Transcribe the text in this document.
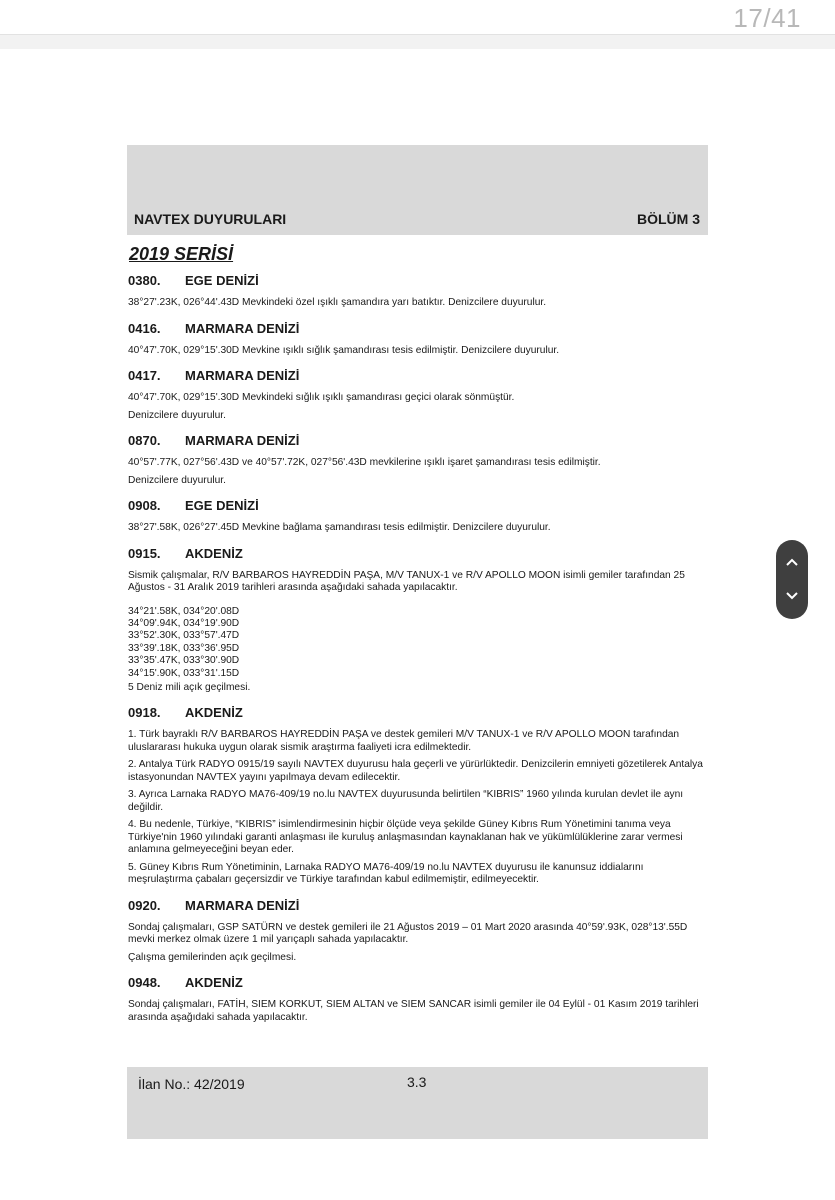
17/41
NAVTEX DUYURULARI	BÖLÜM 3
2019 SERİSİ
0380.	EGE DENİZİ

38°27'.23K, 026°44'.43D Mevkindeki özel ışıklı şamandıra yarı batıktır. Denizcilere duyurulur.

0416.	MARMARA DENİZİ

40°47'.70K, 029°15'.30D Mevkine ışıklı sığlık şamandırası tesis edilmiştir. Denizcilere duyurulur.

0417.	MARMARA DENİZİ

40°47'.70K, 029°15'.30D Mevkindeki sığlık ışıklı şamandırası geçici olarak sönmüştür.

Denizcilere duyurulur.

0870.	MARMARA DENİZİ

40°57'.77K, 027°56'.43D ve 40°57'.72K, 027°56'.43D mevkilerine ışıklı işaret şamandırası tesis edilmiştir.

Denizcilere duyurulur.

0908.	EGE DENİZİ

38°27'.58K, 026°27'.45D Mevkine bağlama şamandırası tesis edilmiştir. Denizcilere duyurulur.

0915.	AKDENİZ

Sismik çalışmalar, R/V BARBAROS HAYREDDİN PAŞA, M/V TANUX-1 ve R/V APOLLO MOON isimli gemiler tarafından 25 Ağustos - 31 Aralık 2019 tarihleri arasında aşağıdaki sahada yapılacaktır.

34°21'.58K, 034°20'.08D

34°09'.94K, 034°19'.90D

33°52'.30K, 033°57'.47D

33°39'.18K, 033°36'.95D

33°35'.47K, 033°30'.90D

34°15'.90K, 033°31'.15D

5 Deniz mili açık geçilmesi.

0918.	AKDENİZ

1. Türk bayraklı R/V BARBAROS HAYREDDİN PAŞA ve destek gemileri M/V TANUX-1 ve R/V APOLLO MOON tarafından uluslararası hukuka uygun olarak sismik araştırma faaliyeti icra edilmektedir.

2. Antalya Türk RADYO 0915/19 sayılı NAVTEX duyurusu hala geçerli ve yürürlüktedir. Denizcilerin emniyeti gözetilerek Antalya istasyonundan NAVTEX yayını yapılmaya devam edilecektir.

3. Ayrıca Larnaka RADYO MA76-409/19 no.lu NAVTEX duyurusunda belirtilen “KIBRIS” 1960 yılında kurulan devlet ile aynı değildir.

4. Bu nedenle, Türkiye, “KIBRIS” isimlendirmesinin hiçbir ölçüde veya şekilde Güney Kıbrıs Rum Yönetimini tanıma veya Türkiye'nin 1960 yılındaki garanti anlaşması ile kuruluş anlaşmasından kaynaklanan hak ve yükümlülüklerine zarar vermesi anlamına gelmeyeceğini beyan eder.

5. Güney Kıbrıs Rum Yönetiminin, Larnaka RADYO MA76-409/19 no.lu NAVTEX duyurusu ile kanunsuz iddialarını meşrulaştırma çabaları geçersizdir ve Türkiye tarafından kabul edilmemiştir, edilmeyecektir.

0920.	MARMARA DENİZİ

Sondaj çalışmaları, GSP SATÜRN ve destek gemileri ile 21 Ağustos 2019 – 01 Mart 2020 arasında 40°59'.93K, 028°13'.55D mevki merkez olmak üzere 1 mil yarıçaplı sahada yapılacaktır.

Çalışma gemilerinden açık geçilmesi.

0948.	AKDENİZ

Sondaj çalışmaları, FATİH, SIEM KORKUT, SIEM ALTAN ve SIEM SANCAR isimli gemiler ile 04 Eylül - 01 Kasım 2019 tarihleri arasında aşağıdaki sahada yapılacaktır.

İlan No.: 42/2019	3.3
